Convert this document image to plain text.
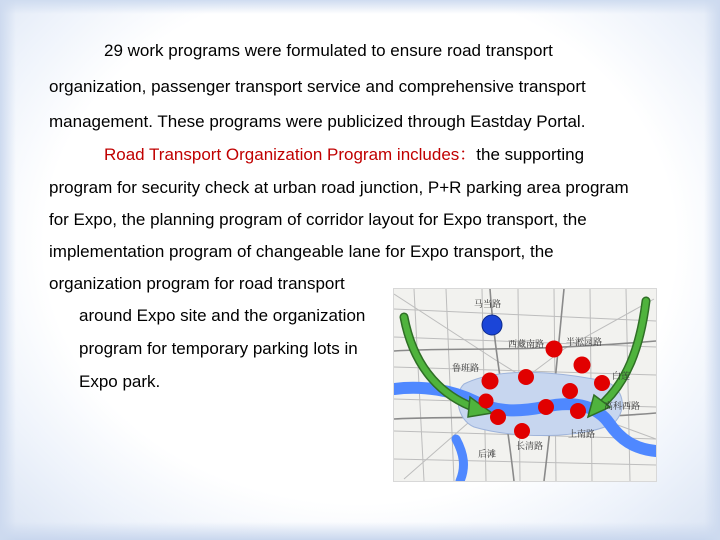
29 work programs were formulated to ensure road transport
organization, passenger transport service and comprehensive transport
management. These programs were publicized through Eastday Portal.
Road Transport Organization Program includes：the supporting
program for security check at urban road junction, P+R parking area program
for Expo, the planning program of corridor layout for Expo transport, the
implementation program of changeable lane for Expo transport, the
organization program for road transport
around Expo site and the organization
program for temporary parking lots in
Expo park.
马当路
西藏南路 半淞园路
鲁班路
白莲
高科西路
上南路
长清路
后滩
